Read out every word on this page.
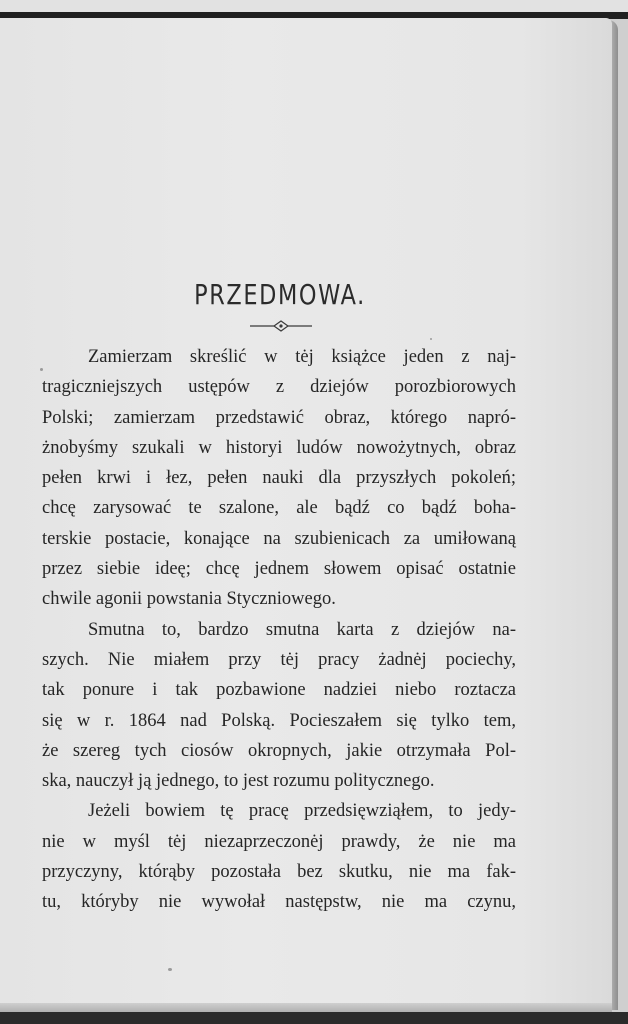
PRZEDMOWA.
Zamierzam skreślić w tėj książce jeden z naj-
tragiczniejszych ustępów z dziejów porozbiorowych
Polski; zamierzam przedstawić obraz, którego napró-
żnobyśmy szukali w historyi ludów nowożytnych, obraz
pełen krwi i łez, pełen nauki dla przyszłych pokoleń;
chcę zarysować te szalone, ale bądź co bądź boha-
terskie postacie, konające na szubienicach za umiłowaną
przez siebie ideę; chcę jednem słowem opisać ostatnie
chwile agonii powstania Styczniowego.
Smutna to, bardzo smutna karta z dziejów na-
szych. Nie miałem przy tėj pracy żadnėj pociechy,
tak ponure i tak pozbawione nadziei niebo roztacza
się w r. 1864 nad Polską. Pocieszałem się tylko tem,
że szereg tych ciosów okropnych, jakie otrzymała Pol-
ska, nauczył ją jednego, to jest rozumu politycznego.
Jeżeli bowiem tę pracę przedsięwziąłem, to jedy-
nie w myśl tėj niezaprzeczonėj prawdy, że nie ma
przyczyny, którąby pozostała bez skutku, nie ma fak-
tu, któryby nie wywołał następstw, nie ma czynu,
